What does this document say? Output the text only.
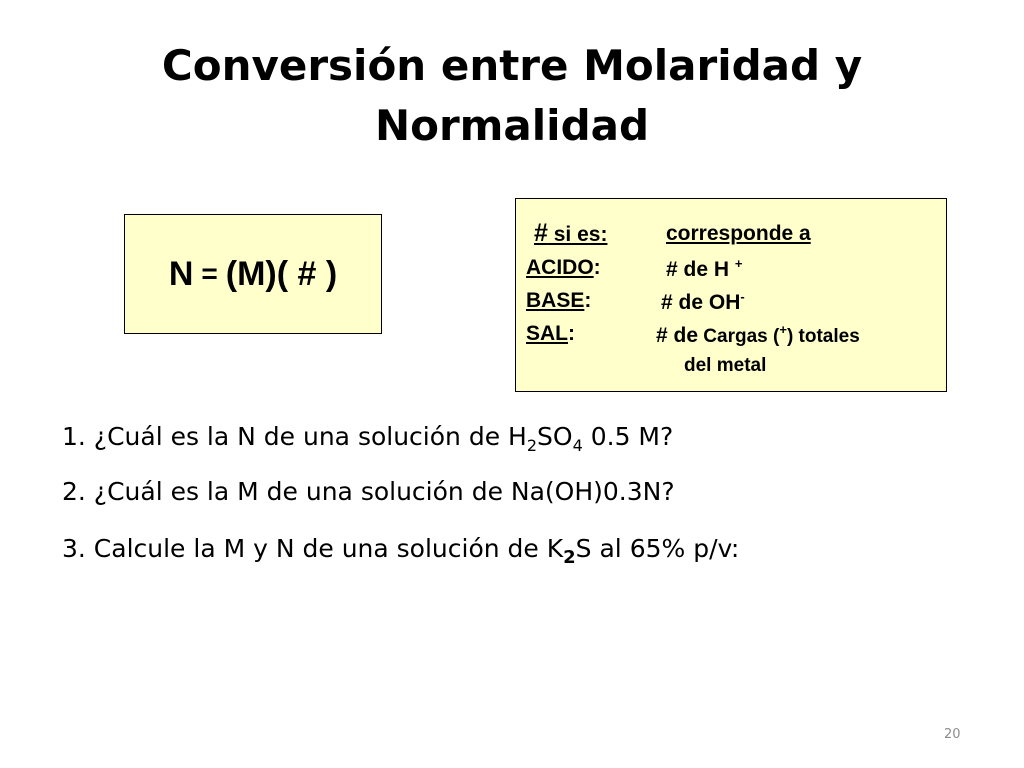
Conversión entre Molaridad y
Normalidad
N = (M) ( # )
# si es:	corresponde a
ACIDO:	# de H +
BASE:	# de OH-
SAL:	# de Cargas (+) totales
del metal
1. ¿Cuál es la N de una solución de $H_2SO_4$ 0.5 M?
2. ¿Cuál es la M de una solución de Na(OH)0.3N?
3. Calcule la M y N de una solución de $K_2S$ al 65% p/v:
20
